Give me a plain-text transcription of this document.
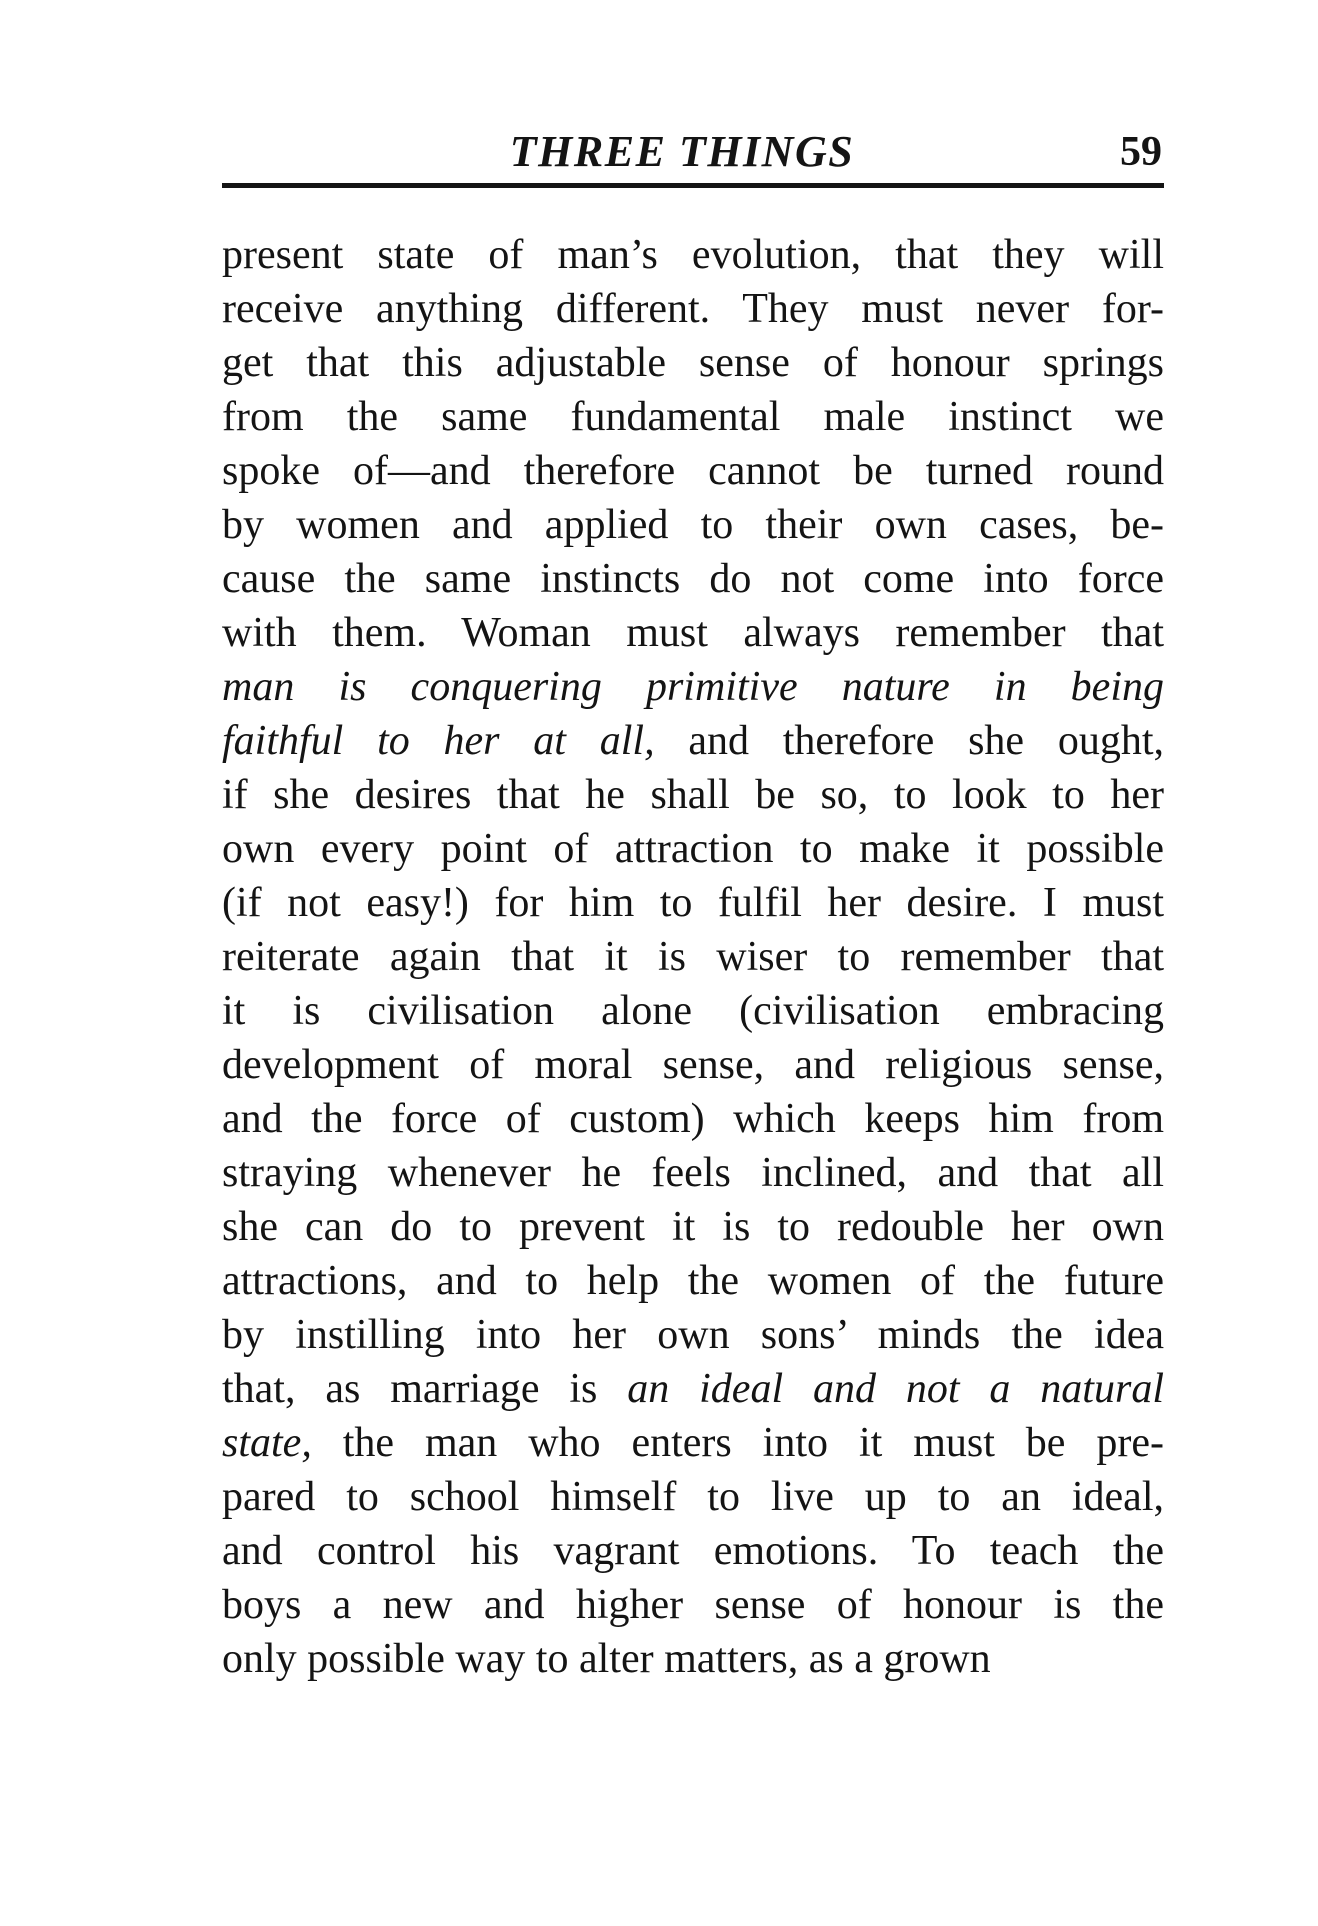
THREE THINGS	59
present state of man’s evolution, that they will
receive anything different. They must never for-
get that this adjustable sense of honour springs
from the same fundamental male instinct we
spoke of—and therefore cannot be turned round
by women and applied to their own cases, be-
cause the same instincts do not come into force
with them. Woman must always remember that
man is conquering primitive nature in being
faithful to her at all, and therefore she ought,
if she desires that he shall be so, to look to her
own every point of attraction to make it possible
(if not easy!) for him to fulfil her desire. I must
reiterate again that it is wiser to remember that
it is civilisation alone (civilisation embracing
development of moral sense, and religious sense,
and the force of custom) which keeps him from
straying whenever he feels inclined, and that all
she can do to prevent it is to redouble her own
attractions, and to help the women of the future
by instilling into her own sons’ minds the idea
that, as marriage is an ideal and not a natural
state, the man who enters into it must be pre-
pared to school himself to live up to an ideal,
and control his vagrant emotions. To teach the
boys a new and higher sense of honour is the
only possible way to alter matters, as a grown
